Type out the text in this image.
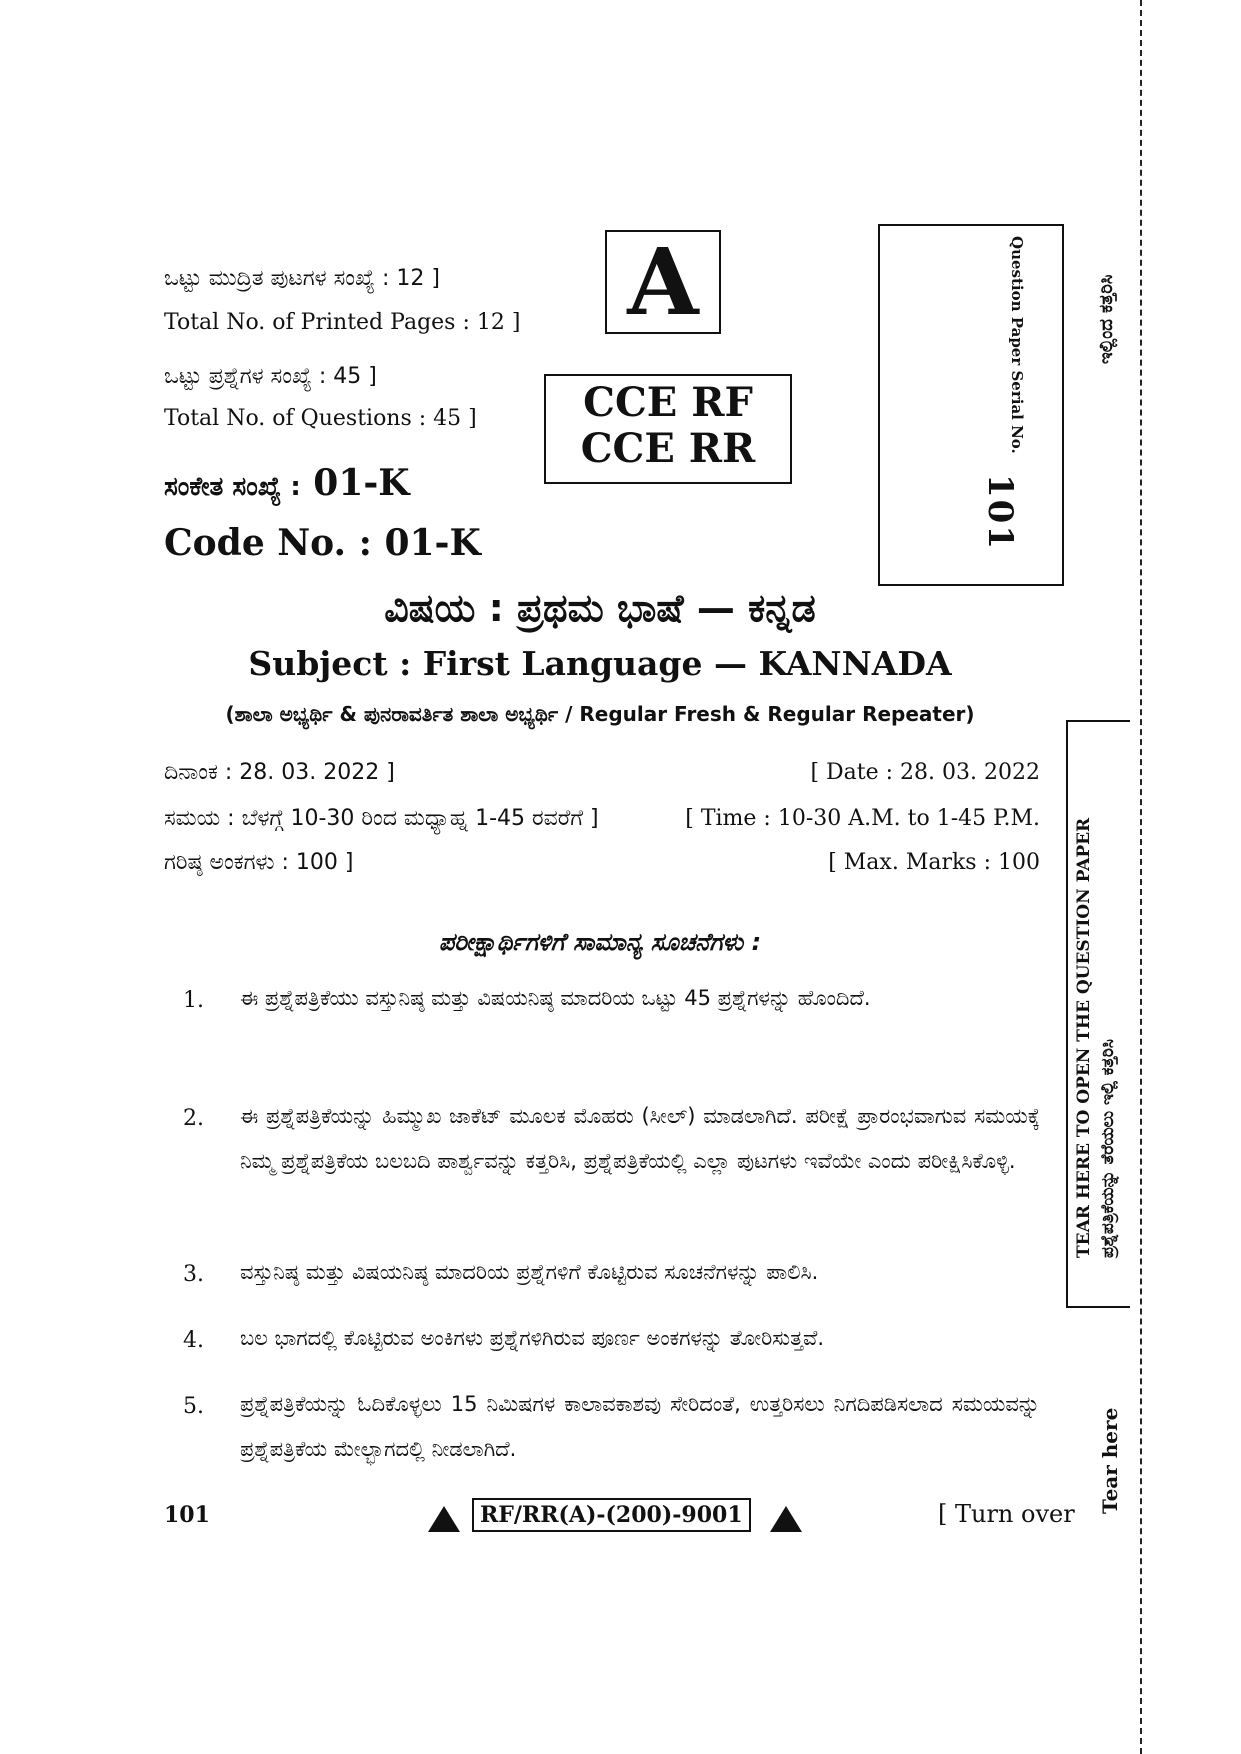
ಒಟ್ಟು ಮುದ್ರಿತ ಪುಟಗಳ ಸಂಖ್ಯೆ : 12 ]
Total No. of Printed Pages : 12 ]
ಒಟ್ಟು ಪ್ರಶ್ನೆಗಳ ಸಂಖ್ಯೆ : 45 ]
Total No. of Questions : 45 ]
ಸಂಕೇತ ಸಂಖ್ಯೆ : 01-K
Code No. : 01-K
A
CCE RF
CCE RR	Question Paper Serial No.
101
ಇಲ್ಲಿಂದ ಕತ್ತರಿಸಿ
TEAR HERE TO OPEN THE QUESTION PAPER ಪ್ರಶ್ನೆಪತ್ರಿಕೆಯನ್ನು ತೆರೆಯಲು ಇಲ್ಲಿ ಕತ್ತರಿಸಿ
Tear here
ವಿಷಯ : ಪ್ರಥಮ ಭಾಷೆ — ಕನ್ನಡ
Subject : First Language — KANNADA
(ಶಾಲಾ ಅಭ್ಯರ್ಥಿ & ಪುನರಾವರ್ತಿತ ಶಾಲಾ ಅಭ್ಯರ್ಥಿ / Regular Fresh & Regular Repeater)
ದಿನಾಂಕ : 28. 03. 2022 ]	[ Date : 28. 03. 2022
ಸಮಯ : ಬೆಳಗ್ಗೆ 10-30 ರಿಂದ ಮಧ್ಯಾಹ್ನ 1-45 ರವರೆಗೆ ]	[ Time : 10-30 A.M. to 1-45 P.M.
ಗರಿಷ್ಠ ಅಂಕಗಳು : 100 ]	[ Max. Marks : 100
ಪರೀಕ್ಷಾರ್ಥಿಗಳಿಗೆ ಸಾಮಾನ್ಯ ಸೂಚನೆಗಳು :
1. ಈ ಪ್ರಶ್ನೆಪತ್ರಿಕೆಯು ವಸ್ತುನಿಷ್ಠ ಮತ್ತು ವಿಷಯನಿಷ್ಠ ಮಾದರಿಯ ಒಟ್ಟು 45 ಪ್ರಶ್ನೆಗಳನ್ನು ಹೊಂದಿದೆ.
2. ಈ ಪ್ರಶ್ನೆಪತ್ರಿಕೆಯನ್ನು ಹಿಮ್ಮುಖ ಜಾಕೆಟ್ ಮೂಲಕ ಮೊಹರು (ಸೀಲ್) ಮಾಡಲಾಗಿದೆ. ಪರೀಕ್ಷೆ ಪ್ರಾರಂಭವಾಗುವ ಸಮಯಕ್ಕೆ ನಿಮ್ಮ ಪ್ರಶ್ನೆಪತ್ರಿಕೆಯ ಬಲಬದಿ ಪಾರ್ಶ್ವವನ್ನು ಕತ್ತರಿಸಿ, ಪ್ರಶ್ನೆಪತ್ರಿಕೆಯಲ್ಲಿ ಎಲ್ಲಾ ಪುಟಗಳು ಇವೆಯೇ ಎಂದು ಪರೀಕ್ಷಿಸಿಕೊಳ್ಳಿ.
3. ವಸ್ತುನಿಷ್ಠ ಮತ್ತು ವಿಷಯನಿಷ್ಠ ಮಾದರಿಯ ಪ್ರಶ್ನೆಗಳಿಗೆ ಕೊಟ್ಟಿರುವ ಸೂಚನೆಗಳನ್ನು ಪಾಲಿಸಿ.
4. ಬಲ ಭಾಗದಲ್ಲಿ ಕೊಟ್ಟಿರುವ ಅಂಕಿಗಳು ಪ್ರಶ್ನೆಗಳಿಗಿರುವ ಪೂರ್ಣ ಅಂಕಗಳನ್ನು ತೋರಿಸುತ್ತವೆ.
5. ಪ್ರಶ್ನೆಪತ್ರಿಕೆಯನ್ನು ಓದಿಕೊಳ್ಳಲು 15 ನಿಮಿಷಗಳ ಕಾಲಾವಕಾಶವು ಸೇರಿದಂತೆ, ಉತ್ತರಿಸಲು ನಿಗದಿಪಡಿಸಲಾದ ಸಮಯವನ್ನು ಪ್ರಶ್ನೆಪತ್ರಿಕೆಯ ಮೇಲ್ಭಾಗದಲ್ಲಿ ನೀಡಲಾಗಿದೆ.
101	RF/RR(A)-(200)-9001	[ Turn over
